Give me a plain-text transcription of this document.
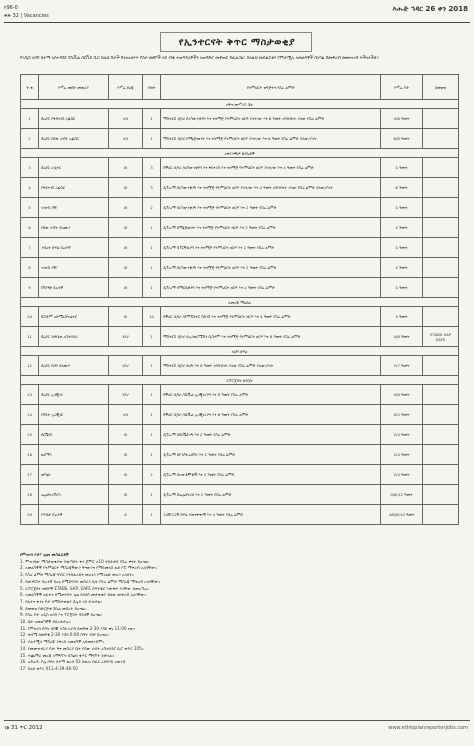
የ96-0
ቅጽ 32 | Vacancies
እሑድ ኅዳር 26 ቀን 2018
የኢንተርናት ቅጥር ማስታወቂያ
የአዲስ አበባ ከተማ አስተዳደር የሲቪል ሰርቪስ ቢሮ ከዚህ በታች በተዘረዘሩት የስራ መደቦች ላይ ብቁ ተወዳዳሪዎችን አወዳድሮ መቅጠር ይፈልጋል፡፡ ስለዚህ መስፈርቱን የምታሟሉ አመልካቾች በአካል በመቅረብ መመዝገብ ትችላላችሁ፡፡
ተ.ቁ	የሥራ መደቡ መጠሪያ	የሥራ ደረጃ	ብዛት	የትምህርት ዝግጅትና የስራ ልምድ	የሥራ ቦታ	ደመወዝ
ለዋና መሥሪያ ቤት						
1	ሲኒየር የፋይናንስ ኦፊሰር	XII	1	ማስተርስ ዲግሪ በአካውንቲንግ እና ተዛማጅ የትምህርት ዘርፍ ያላት/ው እና 6 ዓመት አግባብነት ያለው የስራ ልምድ	4/6 ዓመት	
2	ሲኒየር የሰው ሀብት ኦፊሰር	XII	1	ማስተርስ ዲግሪ በማኔጅመንት እና ተዛማጅ የትምህርት ዘርፍ ያላት/ው እና 6 ዓመት የስራ ልምድ ያለው/ያላት	6/8 ዓመት	
ለቅርንጫፍ ጽ/ቤቶች						
3	ሲኒየር ኦዲተር	XI	3	ባችለር ዲግሪ በአካውንቲንግ እና ፋይናንስ እና ተዛማጅ የትምህርት ዘርፍ ያላት/ው እና 4 ዓመት የስራ ልምድ	4 ዓመት	
4	የፋይናንስ ኦፊሰር	XI	3	ዲፕሎማ በአካውንቲንግ እና ተዛማጅ የትምህርት ዘርፍ ያላት/ው እና 4 ዓመት አግባብነት ያለው የስራ ልምድ ያለው/ያላት	6 ዓመት	
5	ገንዘብ ያዥ	IX	2	ዲፕሎማ በአካውንቲንግ እና ተዛማጅ የትምህርት ዘርፍ እና 2 ዓመት የስራ ልምድ	4 ዓመት	
6	የሰው ሀብት ባለሙያ	IX	1	ዲፕሎማ በማኔጅመንት እና ተዛማጅ የትምህርት ዘርፍ እና 2 ዓመት የስራ ልምድ	4 ዓመት	
7	ንብረት ክፍል ሰራተኛ	IX	1	ዲፕሎማ በፐርቸዚንግ እና ተዛማጅ የትምህርት ዘርፍ እና 2 ዓመት የስራ ልምድ	4 ዓመት	
8	ገንዘብ ያዥ	IX	1	ዲፕሎማ በአካውንቲንግ እና ተዛማጅ የትምህርት ዘርፍ እና 2 ዓመት የስራ ልምድ	4 ዓመት	
9	የሽያጭ ሰራተኛ	IX	1	ዲፕሎማ በማርኬቲንግ እና ተዛማጅ የትምህርት ዘርፍ እና 2 ዓመት የስራ ልምድ	4 ዓመት	
ለመረጃ ማዕከል						
10	ሲስተም አድሚኒስትሬተር	XI	10	ባችለር ዲግሪ በኮምፒዩተር ሳይንስ እና ተዛማጅ የትምህርት ዘርፍ እና 4 ዓመት የስራ ልምድ	4 ዓመት	
11	ሲኒየር ዳታቤዝ አስተዳዳሪ	XIV	1	ማስተርስ ዲግሪ በኢንፎርሜሽን ሲስተም እና ተዛማጅ የትምህርት ዘርፍ እና 8 ዓመት የስራ ልምድ	4/6 ዓመት	ETABS SAP SAFE
ለህግ ክፍል						
12	ሲኒየር የህግ ባለሙያ	XIV	1	ማስተርስ ዲግሪ በህግ እና 8 ዓመት አግባብነት ያለው የስራ ልምድ ያለው/ያላት	5/7 ዓመት	
ለፕሮጀክት ጽ/ቤት						
13	ሲኒየር ኢንጂነር	XIV	1	ባችለር ዲግሪ በሲቪል ኢንጂነሪንግ እና 8 ዓመት የስራ ልምድ	4/6 ዓመት	
14	የሳይት ኢንጂነር	XII	1	ባችለር ዲግሪ በሲቪል ኢንጂነሪንግ እና 6 ዓመት የስራ ልምድ	0/2 ዓመት	
15	ሰርቬየር	IX	1	ዲፕሎማ በሰርቬይንግ እና 2 ዓመት የስራ ልምድ	2/4 ዓመት	
16	ፎርማን	IX	1	ዲፕሎማ በኮንስትራክሽን እና 2 ዓመት የስራ ልምድ	2/4 ዓመት	
17	መካኒክ	IX	2	ዲፕሎማ በአውቶሞቲቭ እና 2 ዓመት የስራ ልምድ	2/4 ዓመት	
18	ኤሌክትሪሽያን	IX	1	ዲፕሎማ በኤሌክትሪክ እና 2 ዓመት የስራ ልምድ	0/8/12 ዓመት	
19	የጥበቃ ሰራተኛ	X	1	10ኛ/12ኛ ክፍል ያጠናቀቀ/ች እና 4 ዓመት የስራ ልምድ	4/6/8/10 ዓመት	
የምዝገባ ቦታ፣ ጊዜና መስፈርቶች
1. ምዝገባው ማስታወቂያው ከወጣበት ቀን ጀምሮ ለ10 ተከታታይ የስራ ቀናት ይሆናል፡፡
2. አመልካቾች የትምህርት ማስረጃቸውን ዋናውንና የማይመለስ ፎቶ ኮፒ ማቅረብ አለባቸው፡፡
3. የስራ ልምድ ማስረጃ ግብር የተከፈለበት መሆኑን የሚገልጽ መሆን አለበት፡፡
4. የመንግስት ሰራተኛ ከሆኑ ከሚሰሩበት መስሪያ ቤት የስራ ልምድ ማስረጃ ማቅረብ አለባቸው፡፡
5. ለፕሮጀክት መደቦች ETABS, SAP, SAFE ሶፍትዌር እውቀት ያላቸው ይመረጣሉ፡፡
6. አመልካቾች ለፈተና በሚጠሩበት ጊዜ የታደሰ መታወቂያ ይዘው መቅረብ አለባቸው፡፡
7. የፈተና ቀንና ቦታ በማስታወቂያ ሰሌዳ ላይ ይገለጻል፡፡
8. ደመወዝ በድርጅቱ ስኬል መሰረት ይሆናል፡፡
9. የስራ ቦታ አዲስ አበባ እና ፕሮጀክት ሳይቶች ይሆናል፡፡
10. ሴት አመልካቾች ይበረታታሉ፡፡
11. የምዝገባ ሰዓት ከሰኞ እስከ አርብ ከጠዋቱ 2:30 እስከ ቀኑ 11:00 ነው፡፡
12. ቅዳሜ ከጠዋቱ 2:30 እስከ 6:00 ሰዓት ብቻ ይሆናል፡፡
13. ያልተሟላ ማስረጃ ያቀረበ አመልካች አይመዘገብም፡፡
14. የመመዝገቢያ ቦታ፡ ዋና መስሪያ ቤት የሰው ሀብት አስተዳደር ቢሮ ቁጥር 105፡፡
15. ተጨማሪ መረጃ ለማግኘት በስልክ ቁጥር ማግኘት ይቻላል፡፡
16. አድራሻ፡ ቦሌ ክፍለ ከተማ ወረዳ 03 ከወሎ ሰፈር አደባባይ አጠገብ
17. ስልክ ቁጥር 011-4-39-46-50
ገፅ 31 ጥር 2012	www.ethiopianreporterjobs.com
